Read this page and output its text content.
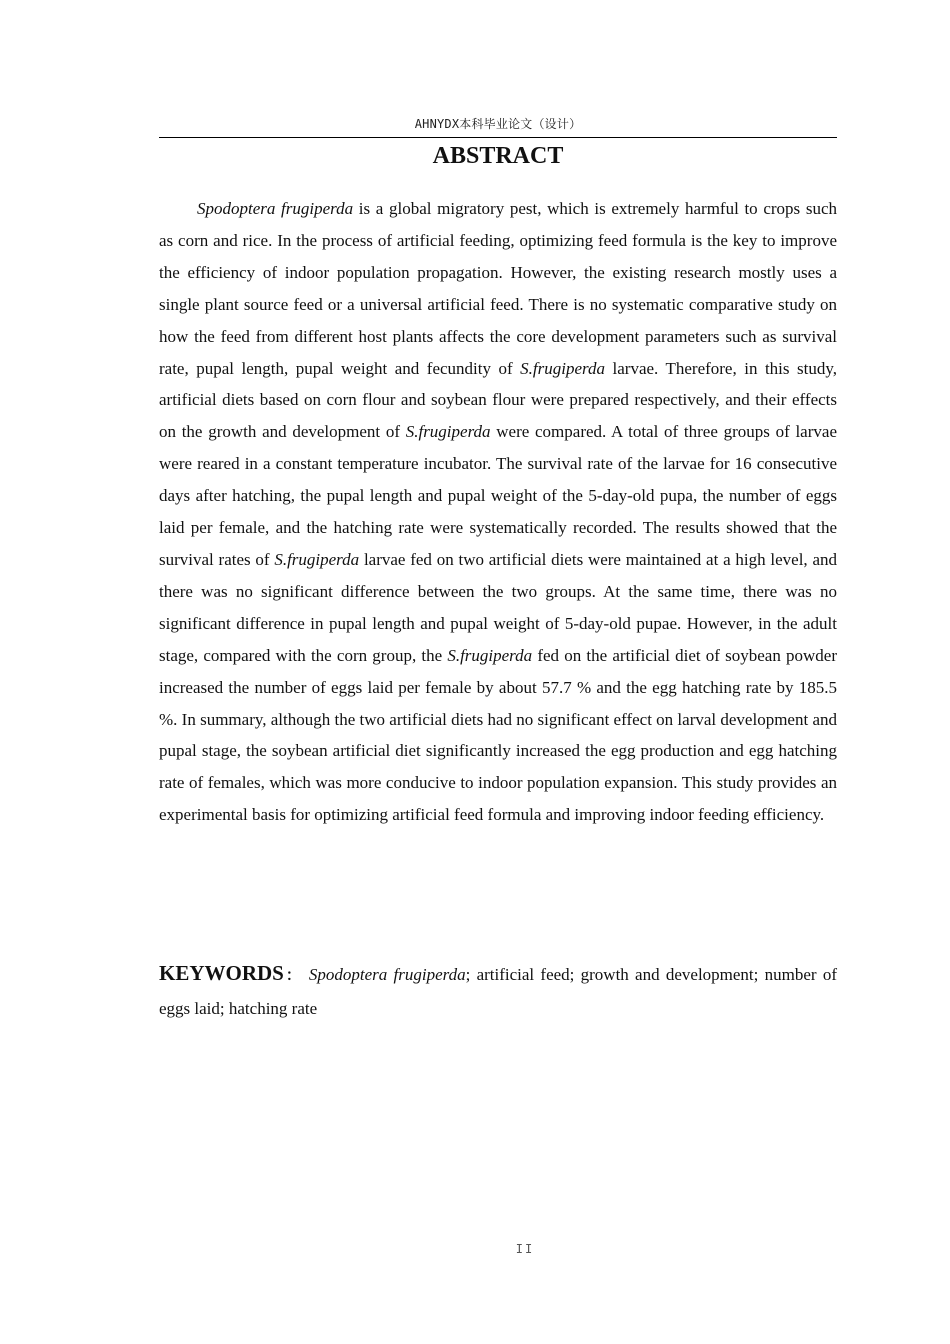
AHNYDX本科毕业论文（设计）
ABSTRACT

Spodoptera frugiperda is a global migratory pest, which is extremely harmful to crops such as corn and rice. In the process of artificial feeding, optimizing feed formula is the key to improve the efficiency of indoor population propagation. However, the existing research mostly uses a single plant source feed or a universal artificial feed. There is no systematic comparative study on how the feed from different host plants affects the core development parameters such as survival rate, pupal length, pupal weight and fecundity of S.frugiperda larvae. Therefore, in this study, artificial diets based on corn flour and soybean flour were prepared respectively, and their effects on the growth and development of S.frugiperda were compared. A total of three groups of larvae were reared in a constant temperature incubator. The survival rate of the larvae for 16 consecutive days after hatching, the pupal length and pupal weight of the 5-day-old pupa, the number of eggs laid per female, and the hatching rate were systematically recorded. The results showed that the survival rates of S.frugiperda larvae fed on two artificial diets were maintained at a high level, and there was no significant difference between the two groups. At the same time, there was no significant difference in pupal length and pupal weight of 5-day-old pupae. However, in the adult stage, compared with the corn group, the S.frugiperda fed on the artificial diet of soybean powder increased the number of eggs laid per female by about 57.7 % and the egg hatching rate by 185.5 %. In summary, although the two artificial diets had no significant effect on larval development and pupal stage, the soybean artificial diet significantly increased the egg production and egg hatching rate of females, which was more conducive to indoor population expansion. This study provides an experimental basis for optimizing artificial feed formula and improving indoor feeding efficiency.

KEYWORDS： Spodoptera frugiperda; artificial feed; growth and development; number of eggs laid; hatching rate

II
